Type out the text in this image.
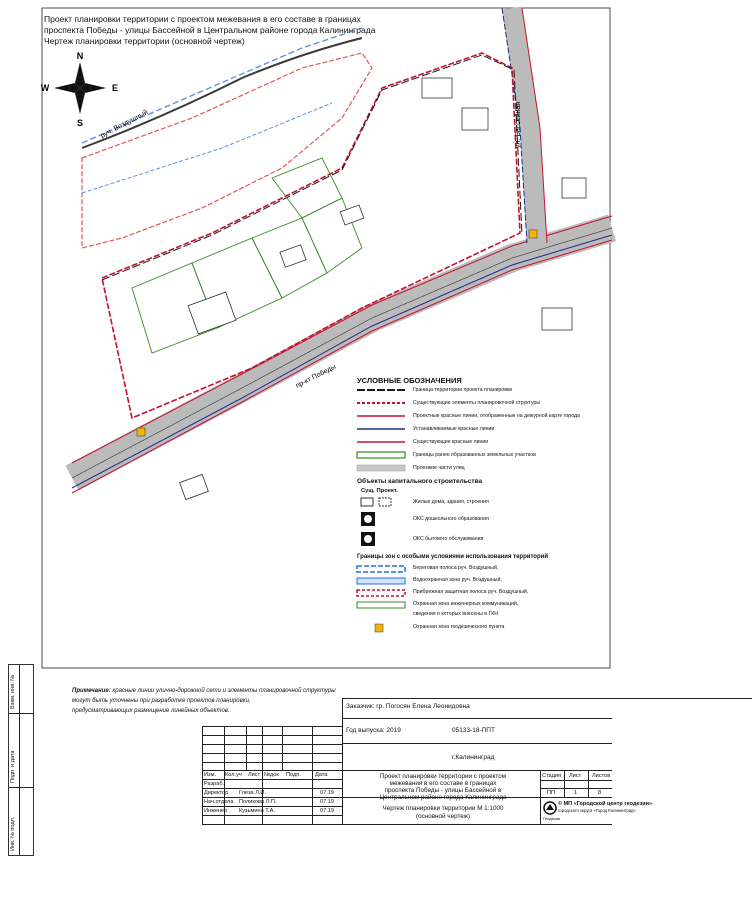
Проект планировки территории с проектом межевания в его составе в границах
проспекта Победы - улицы Бассейной в Центральном районе города Калининграда
Чертеж планировки территории (основной чертеж)
N
S
W	E
руч. Воздушный
пр-кт Победы
ул. Бассейная
УСЛОВНЫЕ ОБОЗНАЧЕНИЯ
Граница территории проекта планировки
Существующие элементы планировочной структуры
Проектные красные линии, отображенные на дежурной карте города
Устанавливаемые красные линии
Существующие красные линии
Границы ранее образованных земельных участков
Проезжие части улиц
Объекты капитального строительства
Сущ. Проект.
Жилые дома, здания, строения
ОКС дошкольного образования
ОКС бытового обслуживания
Границы зон с особыми условиями использования территорий
Береговая полоса руч. Воздушный,
Водоохранная зона руч. Воздушный,
Прибрежная защитная полоса руч. Воздушный,
Охранная зона инженерных коммуникаций,
сведения о которых внесены в ГКН
Охранная зона геодезического пункта
Взам. инв. №
Подп. и дата
Инв. № подл.
Примечание: красные линии улично-дорожной сети и элементы планировочной структуры
могут быть уточнены при разработке проектов планировки,
предусматривающих размещение линейных объектов.
Изм. Кол.уч Лист №док Подп.	Дата
Разраб.
Директор Глеза Л.И.	07.19
Нач.отдела Поликова Л.П.	07.19
Инженер Кузьмина Т.А.	07.19
Заказчик: гр. Погосян Елена Леонидовна
Год выпуска: 2019	05133-18-ППТ
г.Калининград
Проект планировки территории с проектом
межевания в его составе в границах
проспекта Победы - улицы Бассейной в
Центральном районе города Калининграда
Чертеж планировки территории М 1:1000
(основной чертеж)
Стадия Лист Листов
ПП	1	8
© МП «Городской центр геодезии»
городского округа «Город Калининград»
Геодезия
